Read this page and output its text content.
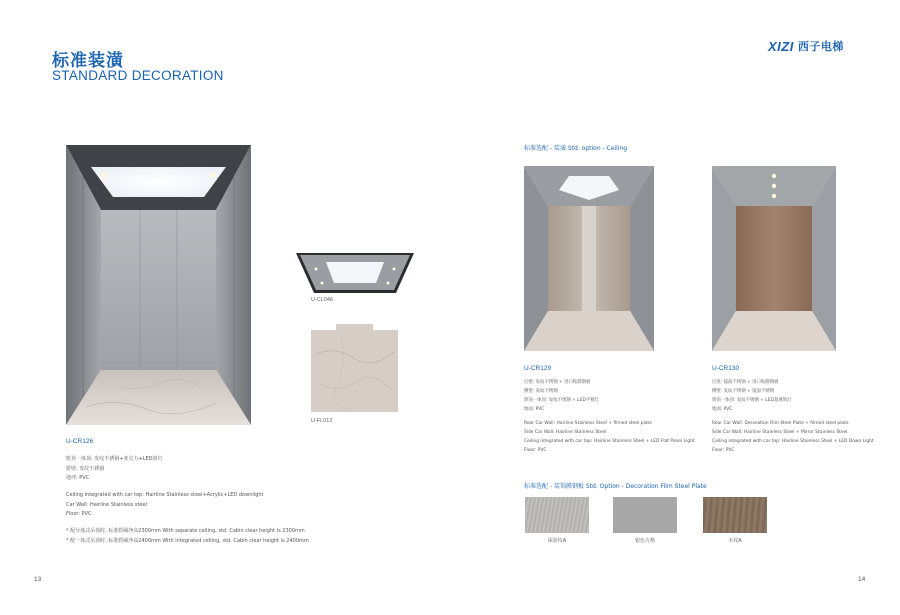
标准装潢
STANDARD DECORATION
XIZI 西子电梯
U-CR126
轿顶一体顶: 发纹不锈钢+亚克力+LED筒灯
轿壁: 发纹不锈钢
地坪: PVC
Ceiling integrated with car top: Hairline Stainless steel+Acrylic+LED downlight
Car Wall: Hairline Stainless steel
Floor: PVC
* 配分体式吊顶时, 标准轿厢净高2300mm With separate ceiling, std. Cabin clear height is 2300mm
* 配一体式吊顶时, 标准轿厢净高2400mm With integrated ceiling, std. Cabin clear height is 2400mm
U-CL046
U-FL012
13
标准选配 - 装潢 Std. option - Ceiling
U-CR129
后壁: 发纹不锈钢 + 进口贴膜钢板
侧壁: 发纹不锈钢
轿顶一体顶: 发纹不锈钢 + LED平板灯
地面: PVC
Rear Car Wall: Hairline Stainless Steel + filmed steel plate
Side Car Wall: Hairline Stainless Steel
Ceiling integrated with car top: Hairline Stainless Steel + LED Flat Panel Light
Floor: PVC
U-CR130
后壁: 镜面不锈钢 + 进口贴膜钢板
侧壁: 发纹不锈钢 + 镜面不锈钢
轿顶一体顶: 发纹不锈钢 + LED超薄筒灯
地面: PVC
Rear Car Wall: Decoration Film Steel Plate + filmed steel plate
Side Car Wall: Hairline Stainless Steel + Mirror Stainless Steel
Ceiling integrated with car top: Hairline Stainless Steel + LED Down Light
Floor: PVC
标准选配 - 装饰膜钢板 Std. Option - Decoration Film Steel Plate
深蓝纹A	银色方格	木纹A
14
